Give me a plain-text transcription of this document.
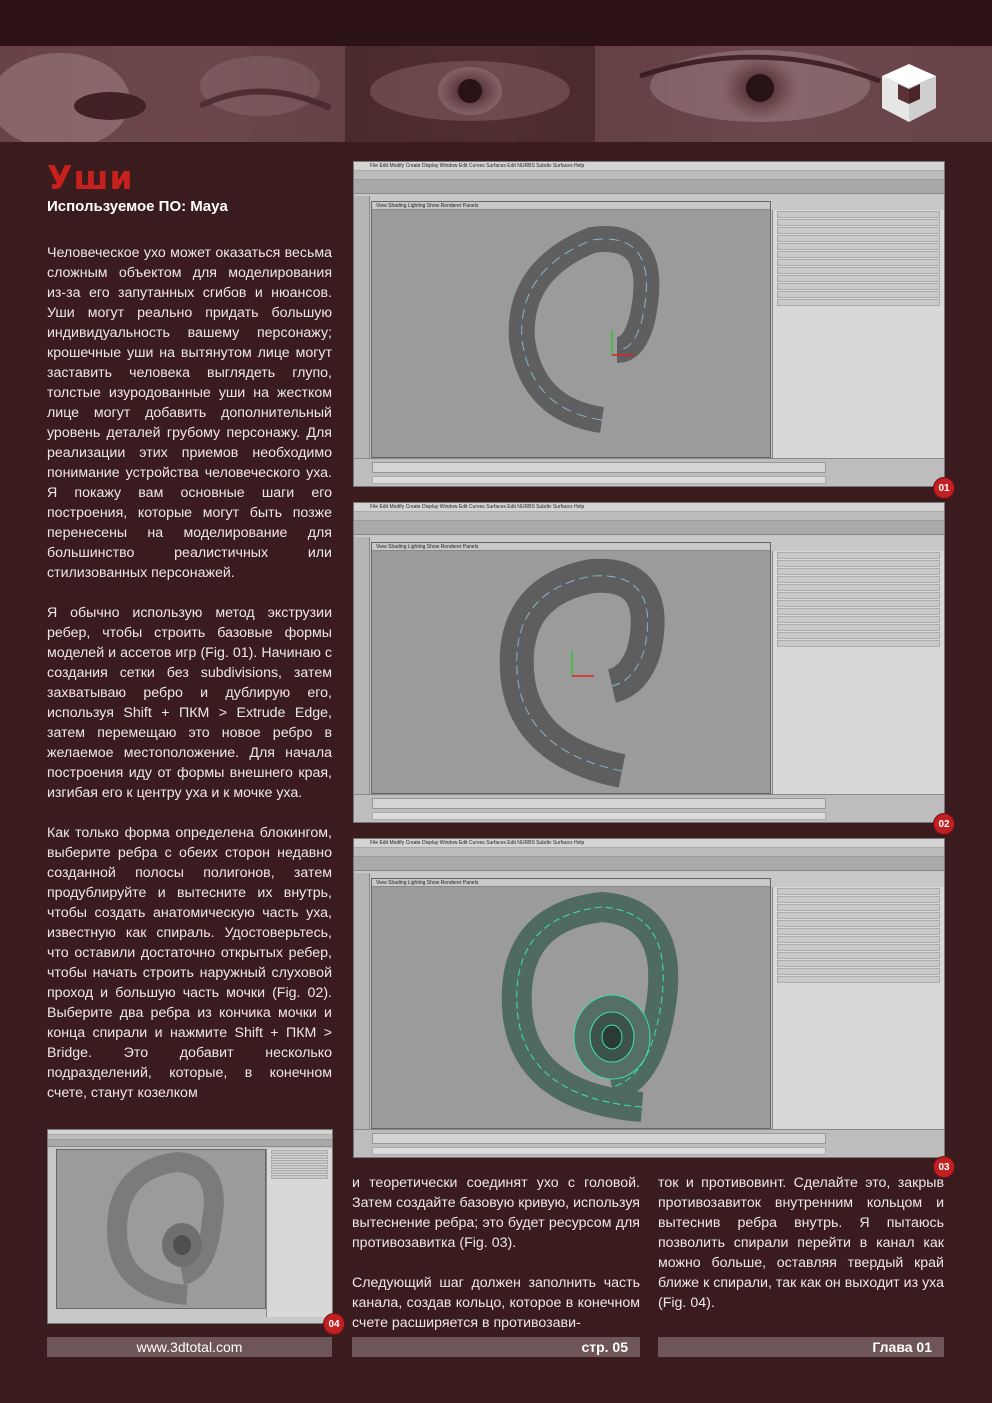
Уши
Используемое ПО: Maya

Человеческое ухо может оказаться весьма сложным объектом для моделирования из-за его запутанных сгибов и нюансов. Уши могут реально придать большую индивидуальность вашему персонажу; крошечные уши на вытянутом лице могут заставить человека выглядеть глупо, толстые изуродованные уши на жестком лице могут добавить дополнительный уровень деталей грубому персонажу. Для реализации этих приемов необходимо понимание устройства человеческого уха. Я покажу вам основные шаги его построения, которые могут быть позже перенесены на моделирование для большинство реалистичных или стилизованных персонажей.

Я обычно использую метод экструзии ребер, чтобы строить базовые формы моделей и ассетов игр (Fig. 01). Начинаю с создания сетки без subdivisions, затем захватываю ребро и дублирую его, используя Shift + ПКМ > Extrude Edge, затем перемещаю это новое ребро в желаемое местоположение. Для начала построения иду от формы внешнего края, изгибая его к центру уха и к мочке уха.

Как только форма определена блокингом, выберите ребра с обеих сторон недавно созданной полосы полигонов, затем продублируйте и вытесните их внутрь, чтобы создать анатомическую часть уха, известную как спираль. Удостоверьтесь, что оставили достаточно открытых ребер, чтобы начать строить наружный слуховой проход и большую часть мочки (Fig. 02). Выберите два ребра из кончика мочки и конца спирали и нажмите Shift + ПКМ > Bridge. Это добавит несколько подразделений, которые, в конечном счете, станут козелком

File Edit Modify Create Display Window Edit Curves Surfaces Edit NURBS Subdiv Surfaces Help
View Shading Lighting Show Renderer Panels
01
File Edit Modify Create Display Window Edit Curves Surfaces Edit NURBS Subdiv Surfaces Help
View Shading Lighting Show Renderer Panels
02
File Edit Modify Create Display Window Edit Curves Surfaces Edit NURBS Subdiv Surfaces Help
View Shading Lighting Show Renderer Panels
03
04

и теоретически соединят ухо с головой. Затем создайте базовую кривую, используя вытеснение ребра; это будет ресурсом для противозавитка (Fig. 03).

Следующий шаг должен заполнить часть канала, создав кольцо, которое в конечном счете расширяется в противозави-

ток и противовинт. Сделайте это, закрыв противозавиток внутренним кольцом и вытеснив ребра внутрь. Я пытаюсь позволить спирали перейти в канал как можно больше, оставляя твердый край ближе к спирали, так как он выходит из уха (Fig. 04).

www.3dtotal.com	стр. 05	Глава 01
